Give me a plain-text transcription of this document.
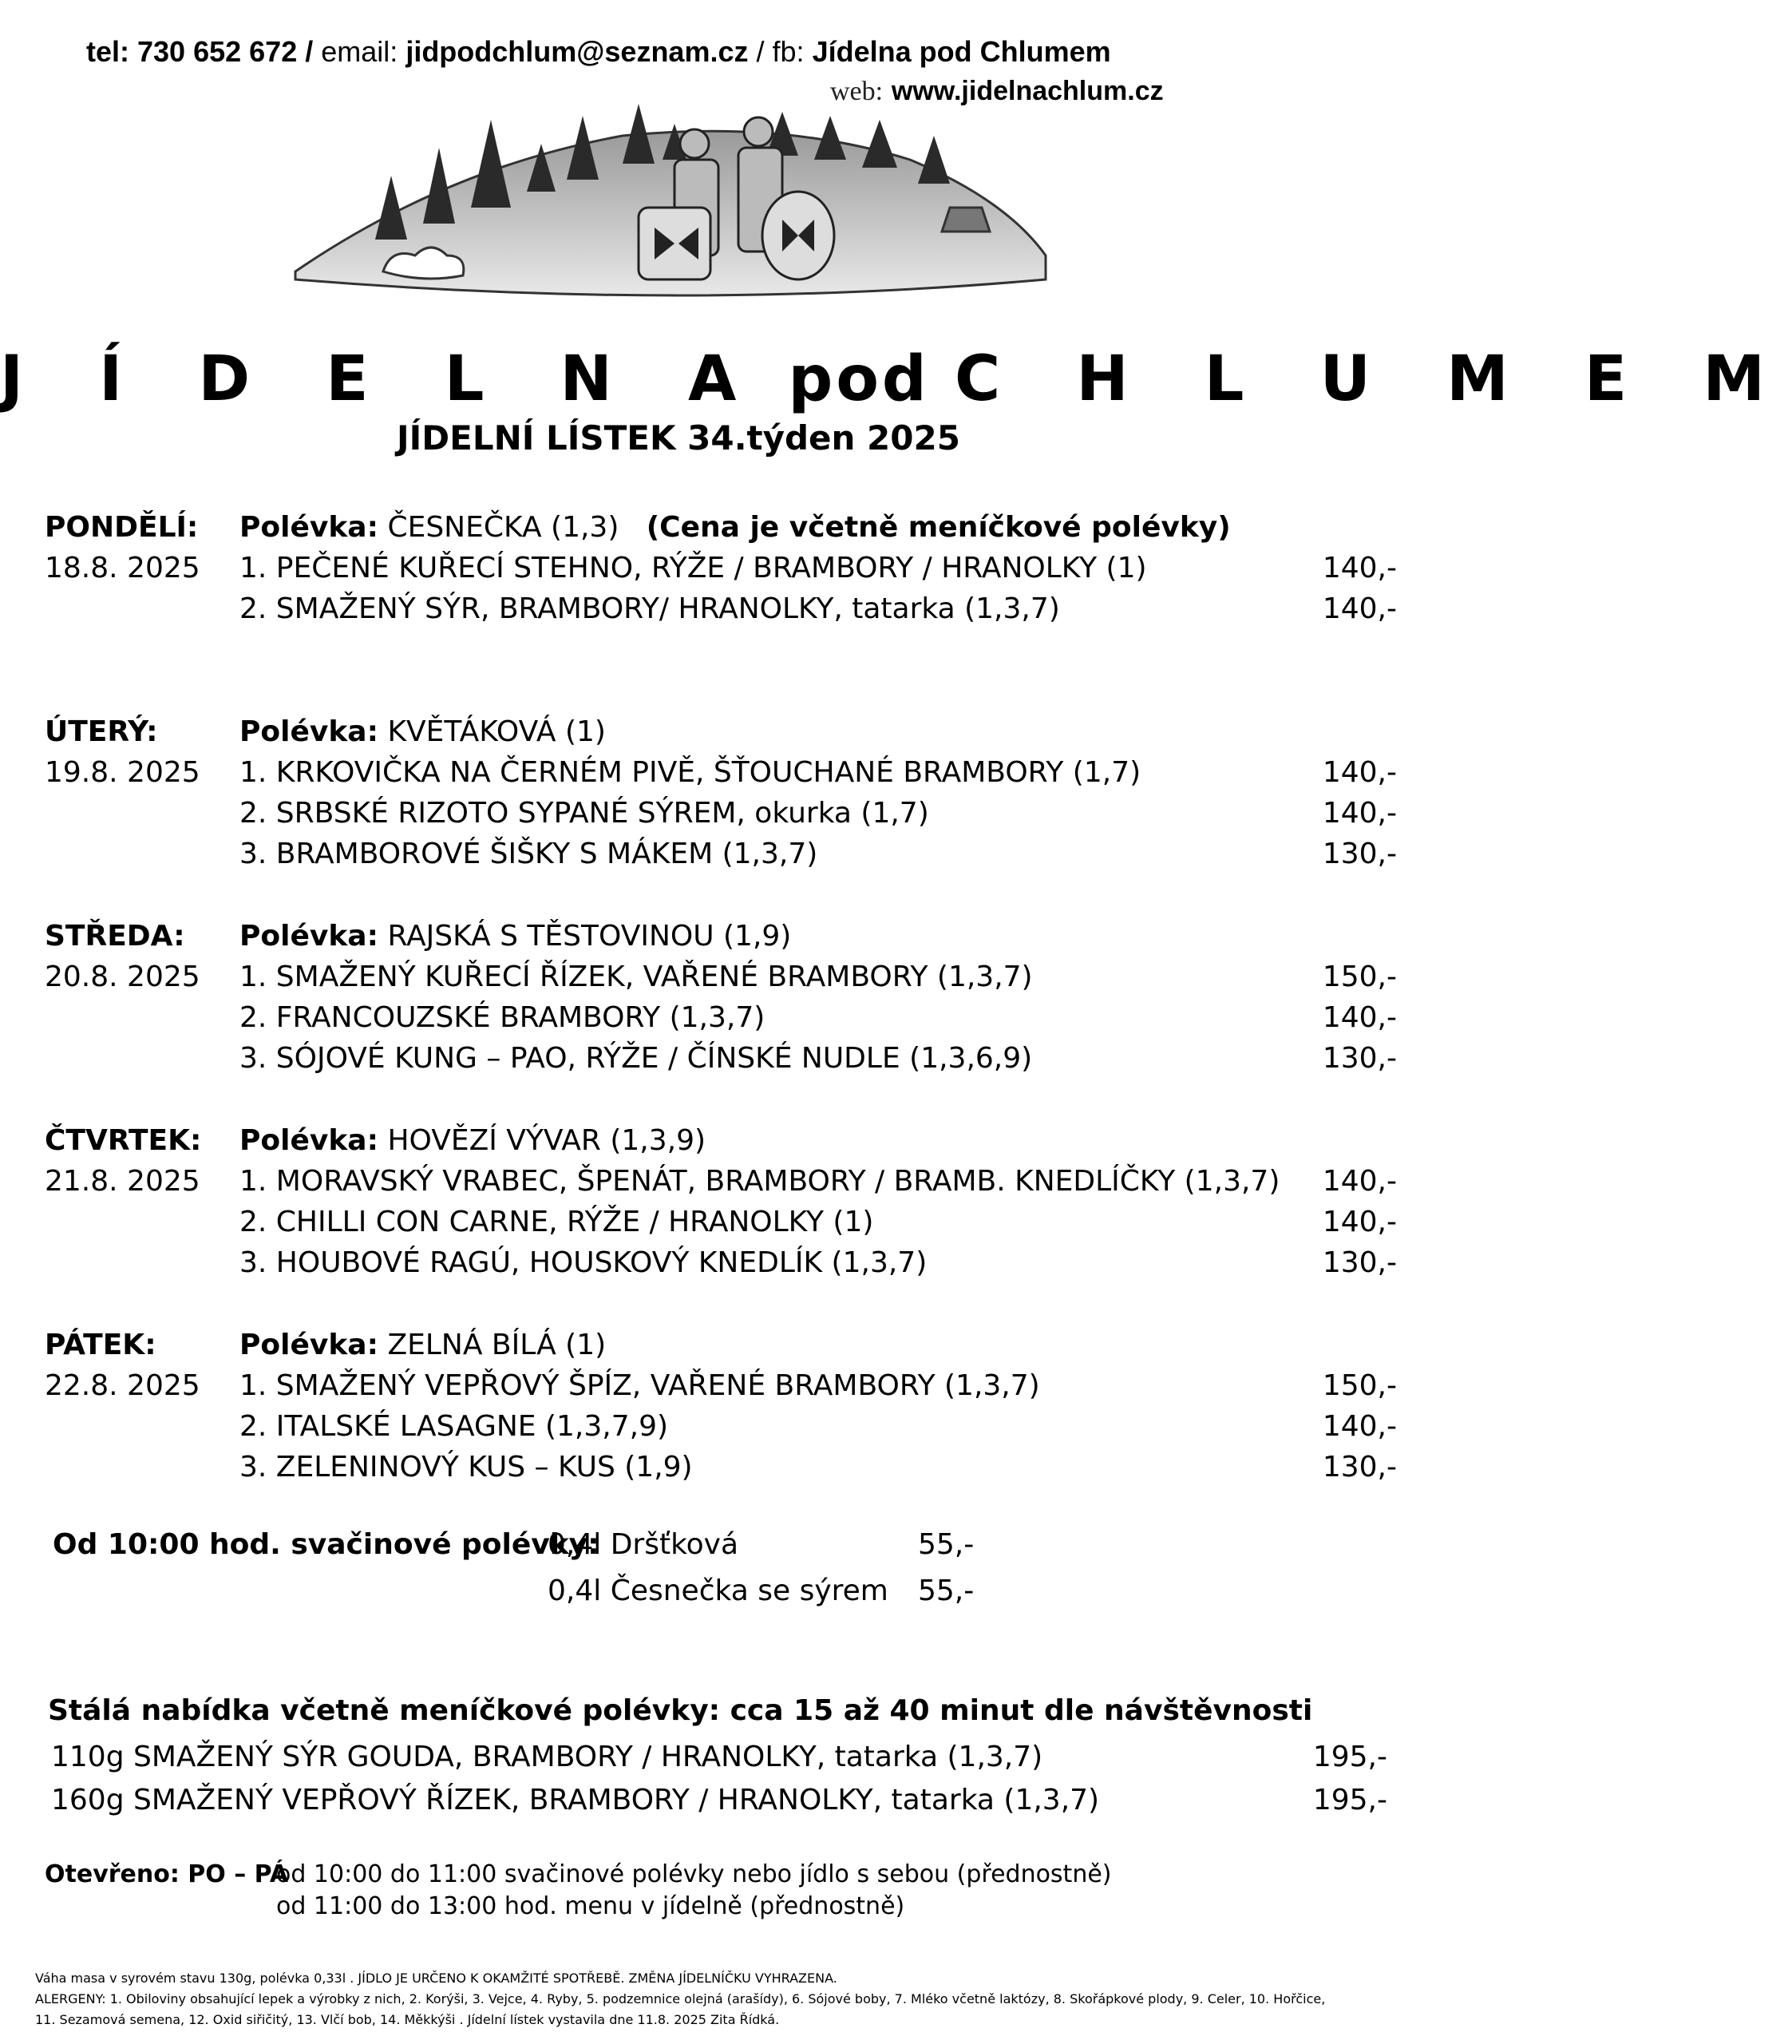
tel: 730 652 672 / email: jidpodchlum@seznam.cz / fb: Jídelna pod Chlumem
web: www.jidelnachlum.cz
J Í D E L N A pod C H L U M E M
JÍDELNÍ LÍSTEK 34.týden 2025
PONDĚLÍ: Polévka: ČESNEČKA (1,3) (Cena je včetně meníčkové polévky)
18.8. 2025 1. PEČENÉ KUŘECÍ STEHNO, RÝŽE / BRAMBORY / HRANOLKY (1)	140,-
2. SMAŽENÝ SÝR, BRAMBORY/ HRANOLKY, tatarka (1,3,7)	140,-
ÚTERÝ:	Polévka: KVĚTÁKOVÁ (1)
19.8. 2025 1. KRKOVIČKA NA ČERNÉM PIVĚ, ŠŤOUCHANÉ BRAMBORY (1,7)	140,-
2. SRBSKÉ RIZOTO SYPANÉ SÝREM, okurka (1,7)	140,-
3. BRAMBOROVÉ ŠIŠKY S MÁKEM (1,3,7)	130,-
STŘEDA: Polévka: RAJSKÁ S TĚSTOVINOU (1,9)
20.8. 2025 1. SMAŽENÝ KUŘECÍ ŘÍZEK, VAŘENÉ BRAMBORY (1,3,7)	150,-
2. FRANCOUZSKÉ BRAMBORY (1,3,7)	140,-
3. SÓJOVÉ KUNG – PAO, RÝŽE / ČÍNSKÉ NUDLE (1,3,6,9)	130,-
ČTVRTEK: Polévka: HOVĚZÍ VÝVAR (1,3,9)
21.8. 2025 1. MORAVSKÝ VRABEC, ŠPENÁT, BRAMBORY / BRAMB. KNEDLÍČKY (1,3,7) 140,-
2. CHILLI CON CARNE, RÝŽE / HRANOLKY (1)	140,-
3. HOUBOVÉ RAGÚ, HOUSKOVÝ KNEDLÍK (1,3,7)	130,-
PÁTEK:	Polévka: ZELNÁ BÍLÁ (1)
22.8. 2025 1. SMAŽENÝ VEPŘOVÝ ŠPÍZ, VAŘENÉ BRAMBORY (1,3,7)	150,-
2. ITALSKÉ LASAGNE (1,3,7,9)	140,-
3. ZELENINOVÝ KUS – KUS (1,9)	130,-
Od 10:00 hod. svačinové polévky:
0,4l Dršťková	55,-
0,4l Česnečka se sýrem 55,-
Stálá nabídka včetně meníčkové polévky: cca 15 až 40 minut dle návštěvnosti
110g SMAŽENÝ SÝR GOUDA, BRAMBORY / HRANOLKY, tatarka (1,3,7)	195,-
160g SMAŽENÝ VEPŘOVÝ ŘÍZEK, BRAMBORY / HRANOLKY, tatarka (1,3,7)	195,-
Otevřeno: PO – PÁ
od 10:00 do 11:00 svačinové polévky nebo jídlo s sebou (přednostně)
od 11:00 do 13:00 hod. menu v jídelně (přednostně)
Váha masa v syrovém stavu 130g, polévka 0,33l . JÍDLO JE URČENO K OKAMŽITÉ SPOTŘEBĚ. ZMĚNA JÍDELNÍČKU VYHRAZENA.
ALERGENY: 1. Obiloviny obsahující lepek a výrobky z nich, 2. Korýši, 3. Vejce, 4. Ryby, 5. podzemnice olejná (arašídy), 6. Sójové boby, 7. Mléko včetně laktózy, 8. Skořápkové plody, 9. Celer, 10. Hořčice,
11. Sezamová semena, 12. Oxid siřičitý, 13. Vlčí bob, 14. Měkkýši . Jídelní lístek vystavila dne 11.8. 2025 Zita Řídká.
